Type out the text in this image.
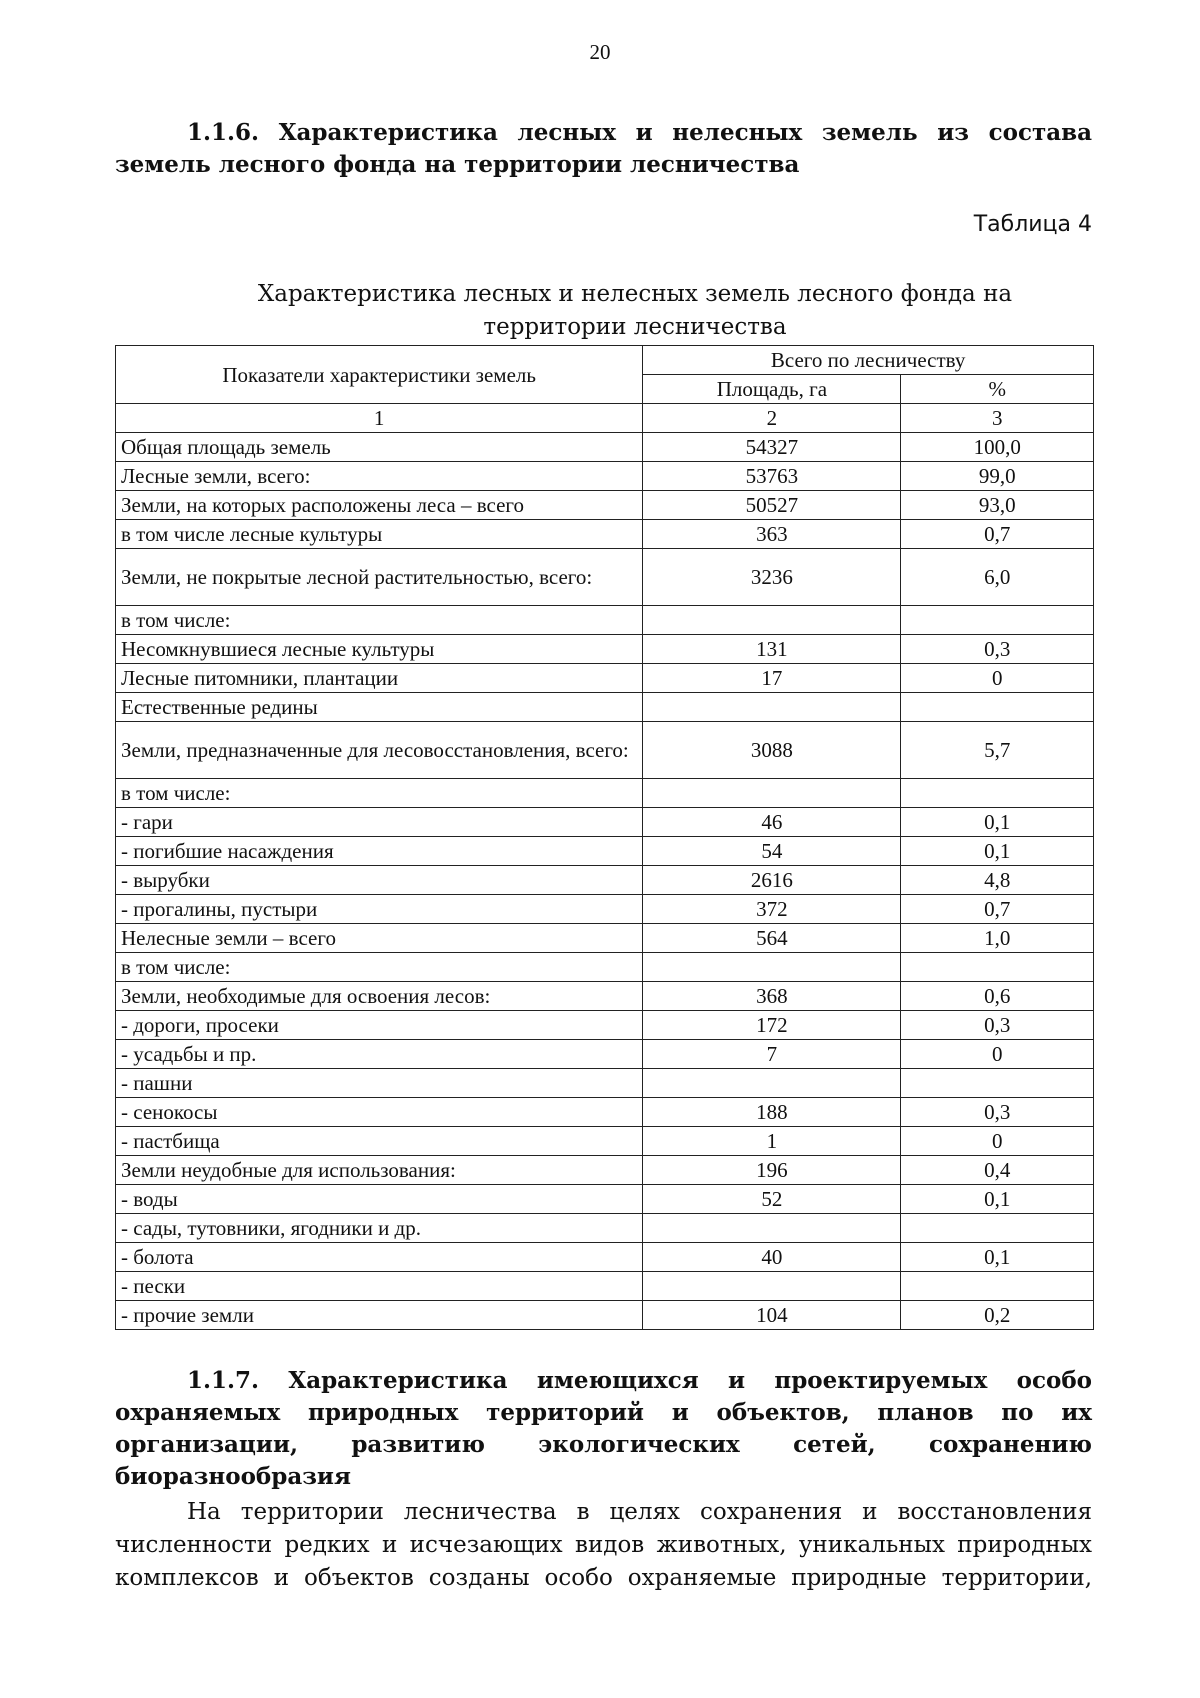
20
1.1.6. Характеристика лесных и нелесных земель из состава земель лесного фонда на территории лесничества
Таблица 4
Характеристика лесных и нелесных земель лесного фонда на территории лесничества
Показатели характеристики земель	Всего по лесничеству	
	Площадь, га	%
1	2	3
Общая площадь земель	54327	100,0
Лесные земли, всего:	53763	99,0
Земли, на которых расположены леса – всего	50527	93,0
в том числе лесные культуры	363	0,7
Земли, не покрытые лесной растительностью, всего:	3236	6,0
в том числе:		
Несомкнувшиеся лесные культуры	131	0,3
Лесные питомники, плантации	17	0
Естественные редины		
Земли, предназначенные для лесовосстановления, всего:	3088	5,7
в том числе:		
- гари	46	0,1
- погибшие насаждения	54	0,1
- вырубки	2616	4,8
- прогалины, пустыри	372	0,7
Нелесные земли – всего	564	1,0
в том числе:		
Земли, необходимые для освоения лесов:	368	0,6
- дороги, просеки	172	0,3
- усадьбы и пр.	7	0
- пашни		
- сенокосы	188	0,3
- пастбища	1	0
Земли неудобные для использования:	196	0,4
- воды	52	0,1
- сады, тутовники, ягодники и др.		
- болота	40	0,1
- пески		
- прочие земли	104	0,2
1.1.7. Характеристика имеющихся и проектируемых особо охраняемых природных территорий и объектов, планов по их организации, развитию экологических сетей, сохранению биоразнообразия
На территории лесничества в целях сохранения и восстановления численности редких и исчезающих видов животных, уникальных природных комплексов и объектов созданы особо охраняемые природные территории,
